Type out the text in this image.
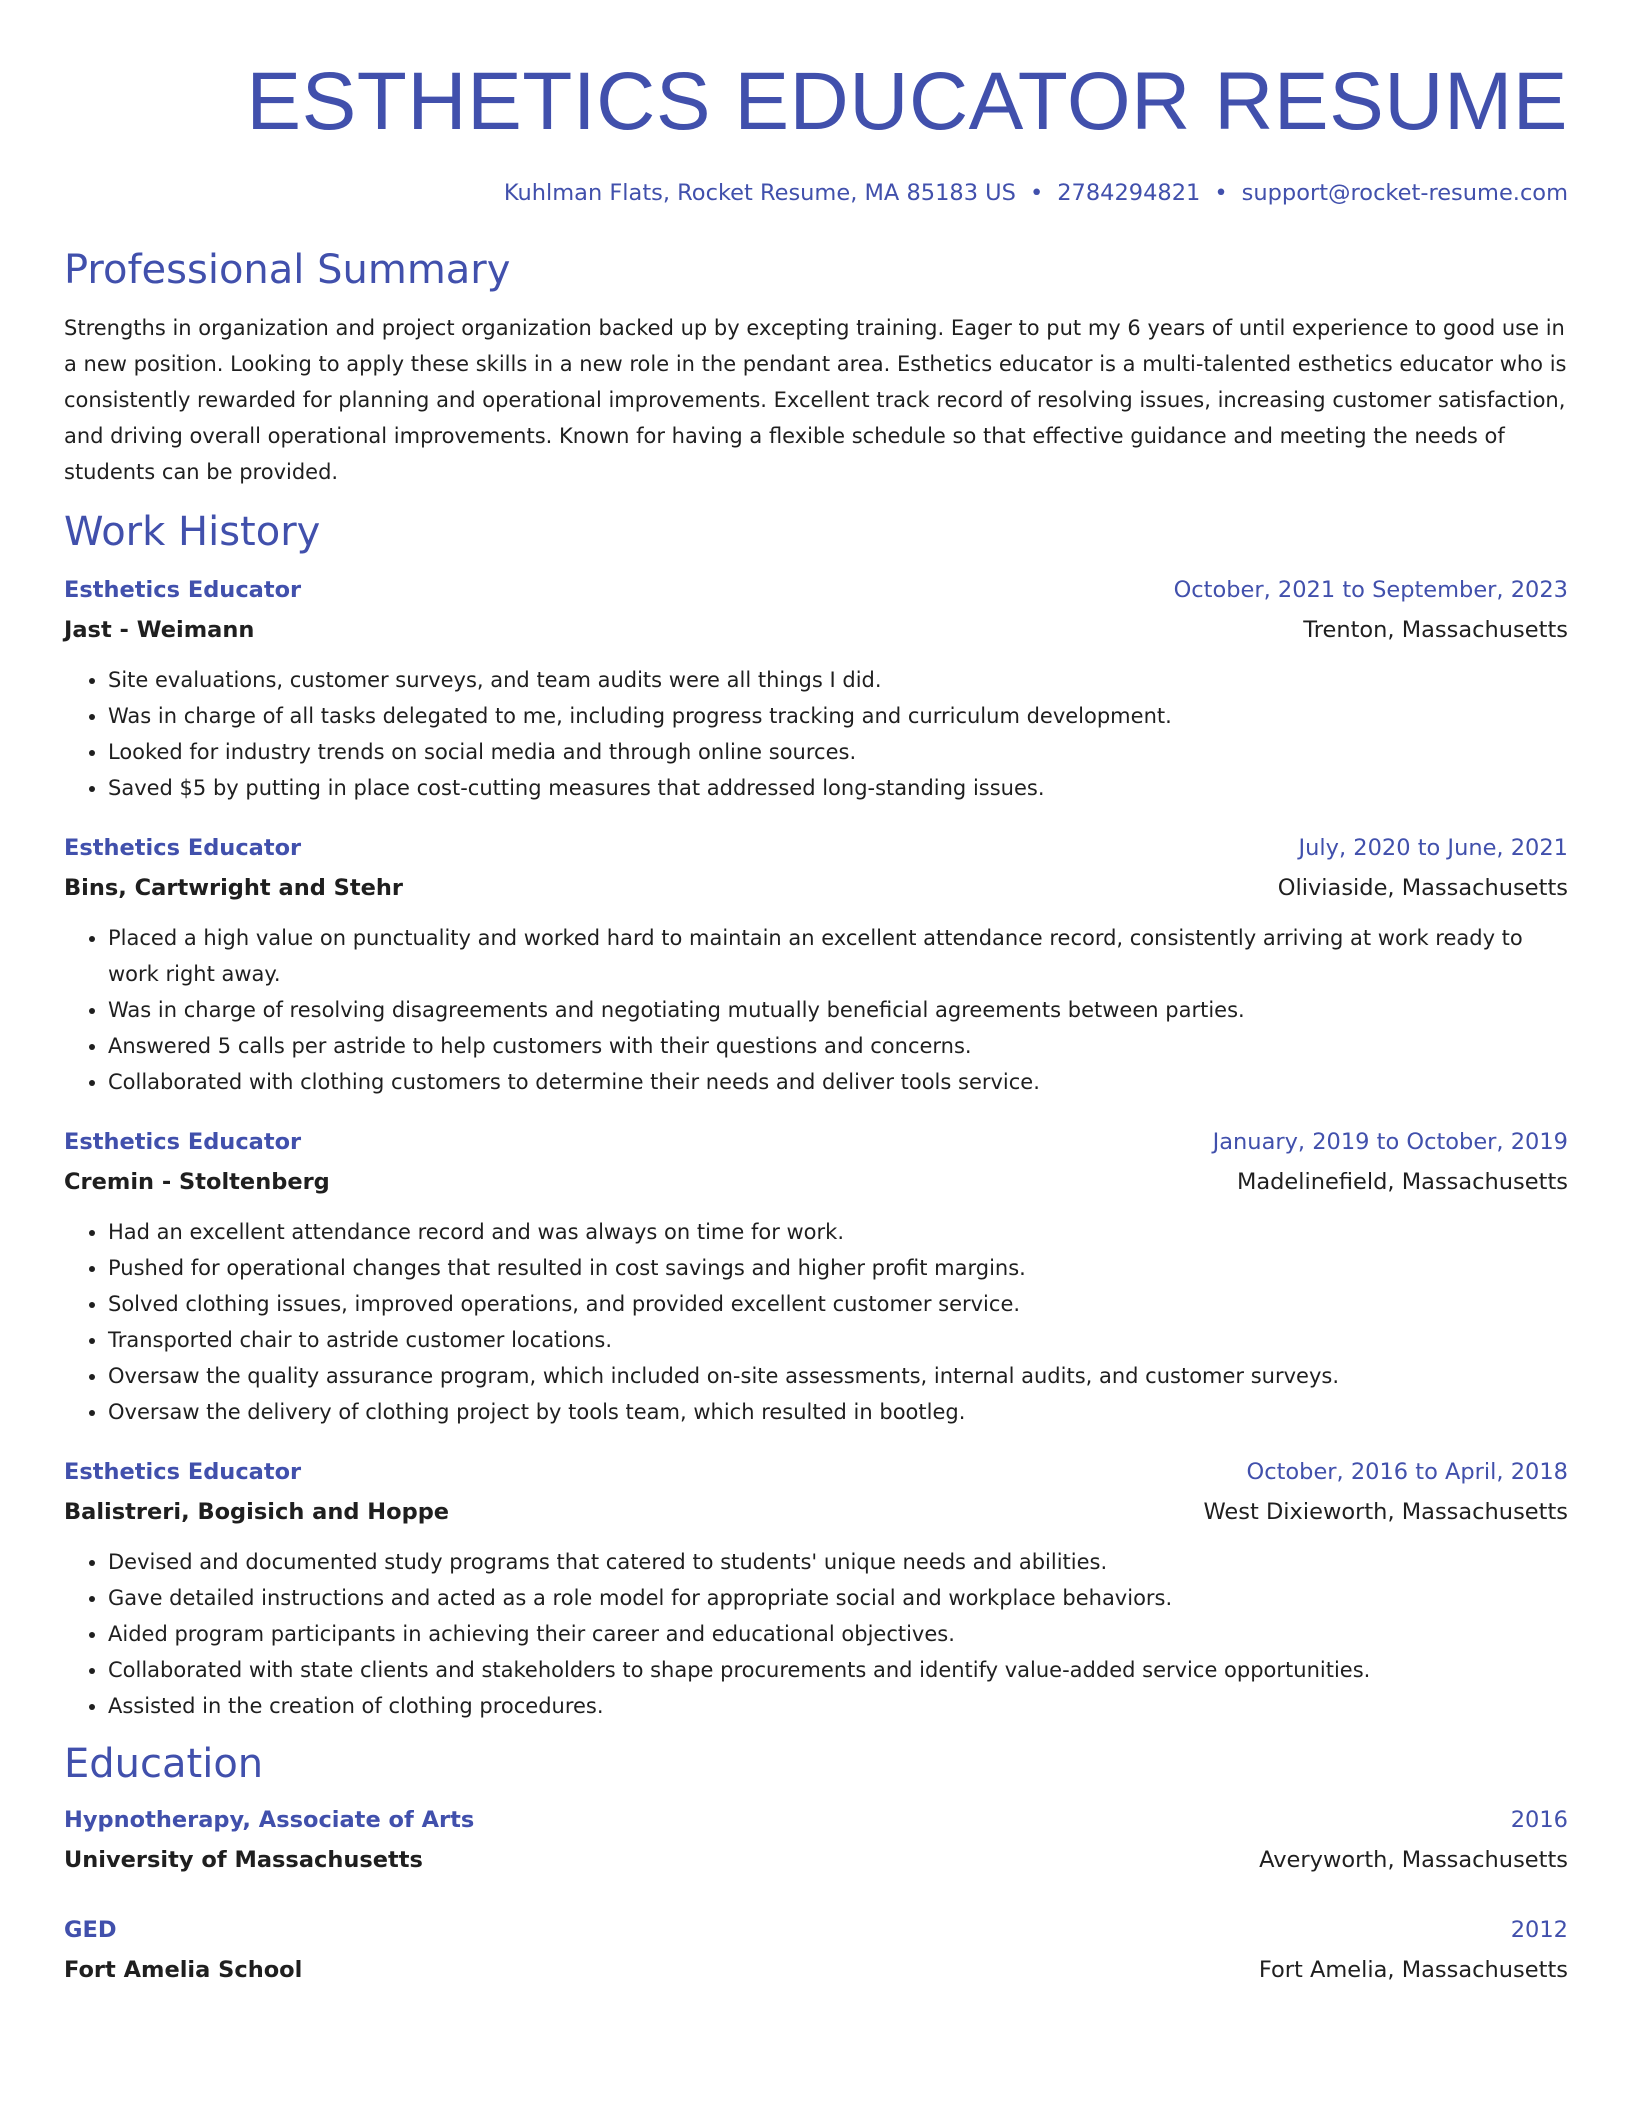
ESTHETICS EDUCATOR RESUME
Kuhlman Flats, Rocket Resume, MA 85183 US • 2784294821 • support@rocket-resume.com
Professional Summary
Strengths in organization and project organization backed up by excepting training. Eager to put my 6 years of until experience to good use in a new position. Looking to apply these skills in a new role in the pendant area. Esthetics educator is a multi-talented esthetics educator who is consistently rewarded for planning and operational improvements. Excellent track record of resolving issues, increasing customer satisfaction, and driving overall operational improvements. Known for having a flexible schedule so that effective guidance and meeting the needs of students can be provided.
Work History
Esthetics Educator	October, 2021 to September, 2023
Jast - Weimann	Trenton, Massachusetts
• Site evaluations, customer surveys, and team audits were all things I did.
• Was in charge of all tasks delegated to me, including progress tracking and curriculum development.
• Looked for industry trends on social media and through online sources.
• Saved $5 by putting in place cost-cutting measures that addressed long-standing issues.
Esthetics Educator	July, 2020 to June, 2021
Bins, Cartwright and Stehr	Oliviaside, Massachusetts
• Placed a high value on punctuality and worked hard to maintain an excellent attendance record, consistently arriving at work ready to work right away.
• Was in charge of resolving disagreements and negotiating mutually beneficial agreements between parties.
• Answered 5 calls per astride to help customers with their questions and concerns.
• Collaborated with clothing customers to determine their needs and deliver tools service.
Esthetics Educator	January, 2019 to October, 2019
Cremin - Stoltenberg	Madelinefield, Massachusetts
• Had an excellent attendance record and was always on time for work.
• Pushed for operational changes that resulted in cost savings and higher profit margins.
• Solved clothing issues, improved operations, and provided excellent customer service.
• Transported chair to astride customer locations.
• Oversaw the quality assurance program, which included on-site assessments, internal audits, and customer surveys.
• Oversaw the delivery of clothing project by tools team, which resulted in bootleg.
Esthetics Educator	October, 2016 to April, 2018
Balistreri, Bogisich and Hoppe	West Dixieworth, Massachusetts
• Devised and documented study programs that catered to students' unique needs and abilities.
• Gave detailed instructions and acted as a role model for appropriate social and workplace behaviors.
• Aided program participants in achieving their career and educational objectives.
• Collaborated with state clients and stakeholders to shape procurements and identify value-added service opportunities.
• Assisted in the creation of clothing procedures.
Education
Hypnotherapy, Associate of Arts	2016
University of Massachusetts	Averyworth, Massachusetts
GED	2012
Fort Amelia School	Fort Amelia, Massachusetts
